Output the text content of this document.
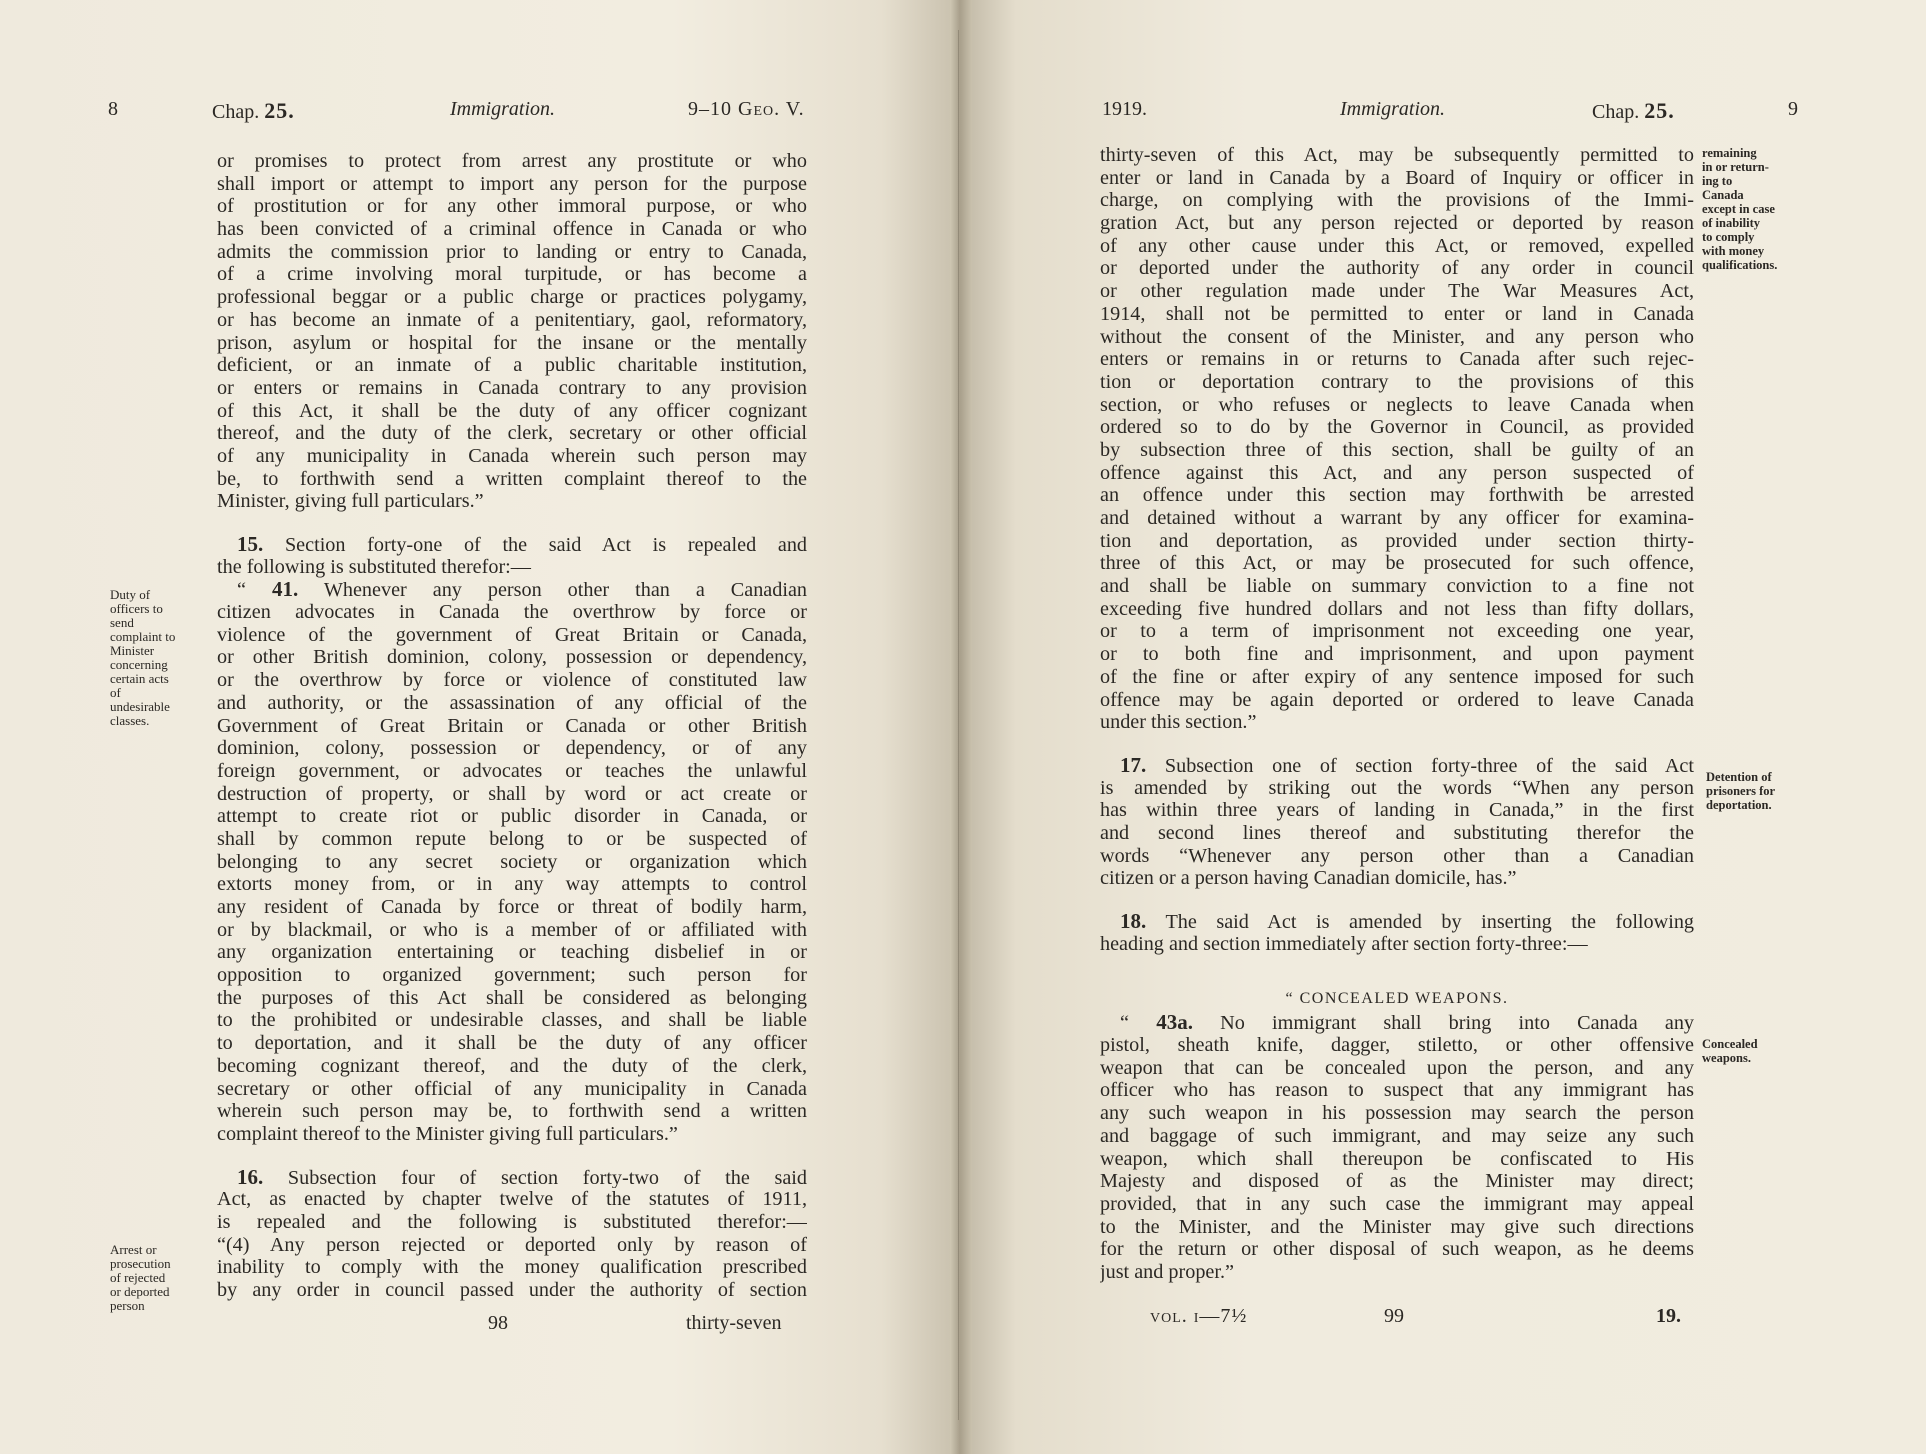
8	Chap. 25.	Immigration.	9–10 Geo. V.
or promises to protect from arrest any prostitute or who
shall import or attempt to import any person for the purpose
of prostitution or for any other immoral purpose, or who
has been convicted of a criminal offence in Canada or who
admits the commission prior to landing or entry to Canada,
of a crime involving moral turpitude, or has become a
professional beggar or a public charge or practices polygamy,
or has become an inmate of a penitentiary, gaol, reformatory,
prison, asylum or hospital for the insane or the mentally
deficient, or an inmate of a public charitable institution,
or enters or remains in Canada contrary to any provision
of this Act, it shall be the duty of any officer cognizant
thereof, and the duty of the clerk, secretary or other official
of any municipality in Canada wherein such person may
be, to forthwith send a written complaint thereof to the
Minister, giving full particulars.”
15. Section forty-one of the said Act is repealed and
the following is substituted therefor:—
“ 41. Whenever any person other than a Canadian
citizen advocates in Canada the overthrow by force or
violence of the government of Great Britain or Canada,
or other British dominion, colony, possession or dependency,
or the overthrow by force or violence of constituted law
and authority, or the assassination of any official of the
Government of Great Britain or Canada or other British
dominion, colony, possession or dependency, or of any
foreign government, or advocates or teaches the unlawful
destruction of property, or shall by word or act create or
attempt to create riot or public disorder in Canada, or
shall by common repute belong to or be suspected of
belonging to any secret society or organization which
extorts money from, or in any way attempts to control
any resident of Canada by force or threat of bodily harm,
or by blackmail, or who is a member of or affiliated with
any organization entertaining or teaching disbelief in or
opposition to organized government; such person for
the purposes of this Act shall be considered as belonging
to the prohibited or undesirable classes, and shall be liable
to deportation, and it shall be the duty of any officer
becoming cognizant thereof, and the duty of the clerk,
secretary or other official of any municipality in Canada
wherein such person may be, to forthwith send a written
complaint thereof to the Minister giving full particulars.”
16. Subsection four of section forty-two of the said
Act, as enacted by chapter twelve of the statutes of 1911,
is repealed and the following is substituted therefor:—
“(4) Any person rejected or deported only by reason of
inability to comply with the money qualification prescribed
by any order in council passed under the authority of section
Duty of
officers to
send
complaint to
Minister
concerning
certain acts
of
undesirable
classes.
Arrest or
prosecution
of rejected
or deported
person
98	thirty-seven
1919.	Immigration.	Chap. 25.	9
thirty-seven of this Act, may be subsequently permitted to
enter or land in Canada by a Board of Inquiry or officer in
charge, on complying with the provisions of the Immi-
gration Act, but any person rejected or deported by reason
of any other cause under this Act, or removed, expelled
or deported under the authority of any order in council
or other regulation made under The War Measures Act,
1914, shall not be permitted to enter or land in Canada
without the consent of the Minister, and any person who
enters or remains in or returns to Canada after such rejec-
tion or deportation contrary to the provisions of this
section, or who refuses or neglects to leave Canada when
ordered so to do by the Governor in Council, as provided
by subsection three of this section, shall be guilty of an
offence against this Act, and any person suspected of
an offence under this section may forthwith be arrested
and detained without a warrant by any officer for examina-
tion and deportation, as provided under section thirty-
three of this Act, or may be prosecuted for such offence,
and shall be liable on summary conviction to a fine not
exceeding five hundred dollars and not less than fifty dollars,
or to a term of imprisonment not exceeding one year,
or to both fine and imprisonment, and upon payment
of the fine or after expiry of any sentence imposed for such
offence may be again deported or ordered to leave Canada
under this section.”
17. Subsection one of section forty-three of the said Act
is amended by striking out the words “When any person
has within three years of landing in Canada,” in the first
and second lines thereof and substituting therefor the
words “Whenever any person other than a Canadian
citizen or a person having Canadian domicile, has.”
18. The said Act is amended by inserting the following
heading and section immediately after section forty-three:—
“ 43a. No immigrant shall bring into Canada any
pistol, sheath knife, dagger, stiletto, or other offensive
weapon that can be concealed upon the person, and any
officer who has reason to suspect that any immigrant has
any such weapon in his possession may search the person
and baggage of such immigrant, and may seize any such
weapon, which shall thereupon be confiscated to His
Majesty and disposed of as the Minister may direct;
provided, that in any such case the immigrant may appeal
to the Minister, and the Minister may give such directions
for the return or other disposal of such weapon, as he deems
just and proper.”
“ CONCEALED WEAPONS.
remaining
in or return-
ing to
Canada
except in case
of inability
to comply
with money
qualifications.
Detention of
prisoners for
deportation.
Concealed
weapons.
vol. i—7½	99	19.
